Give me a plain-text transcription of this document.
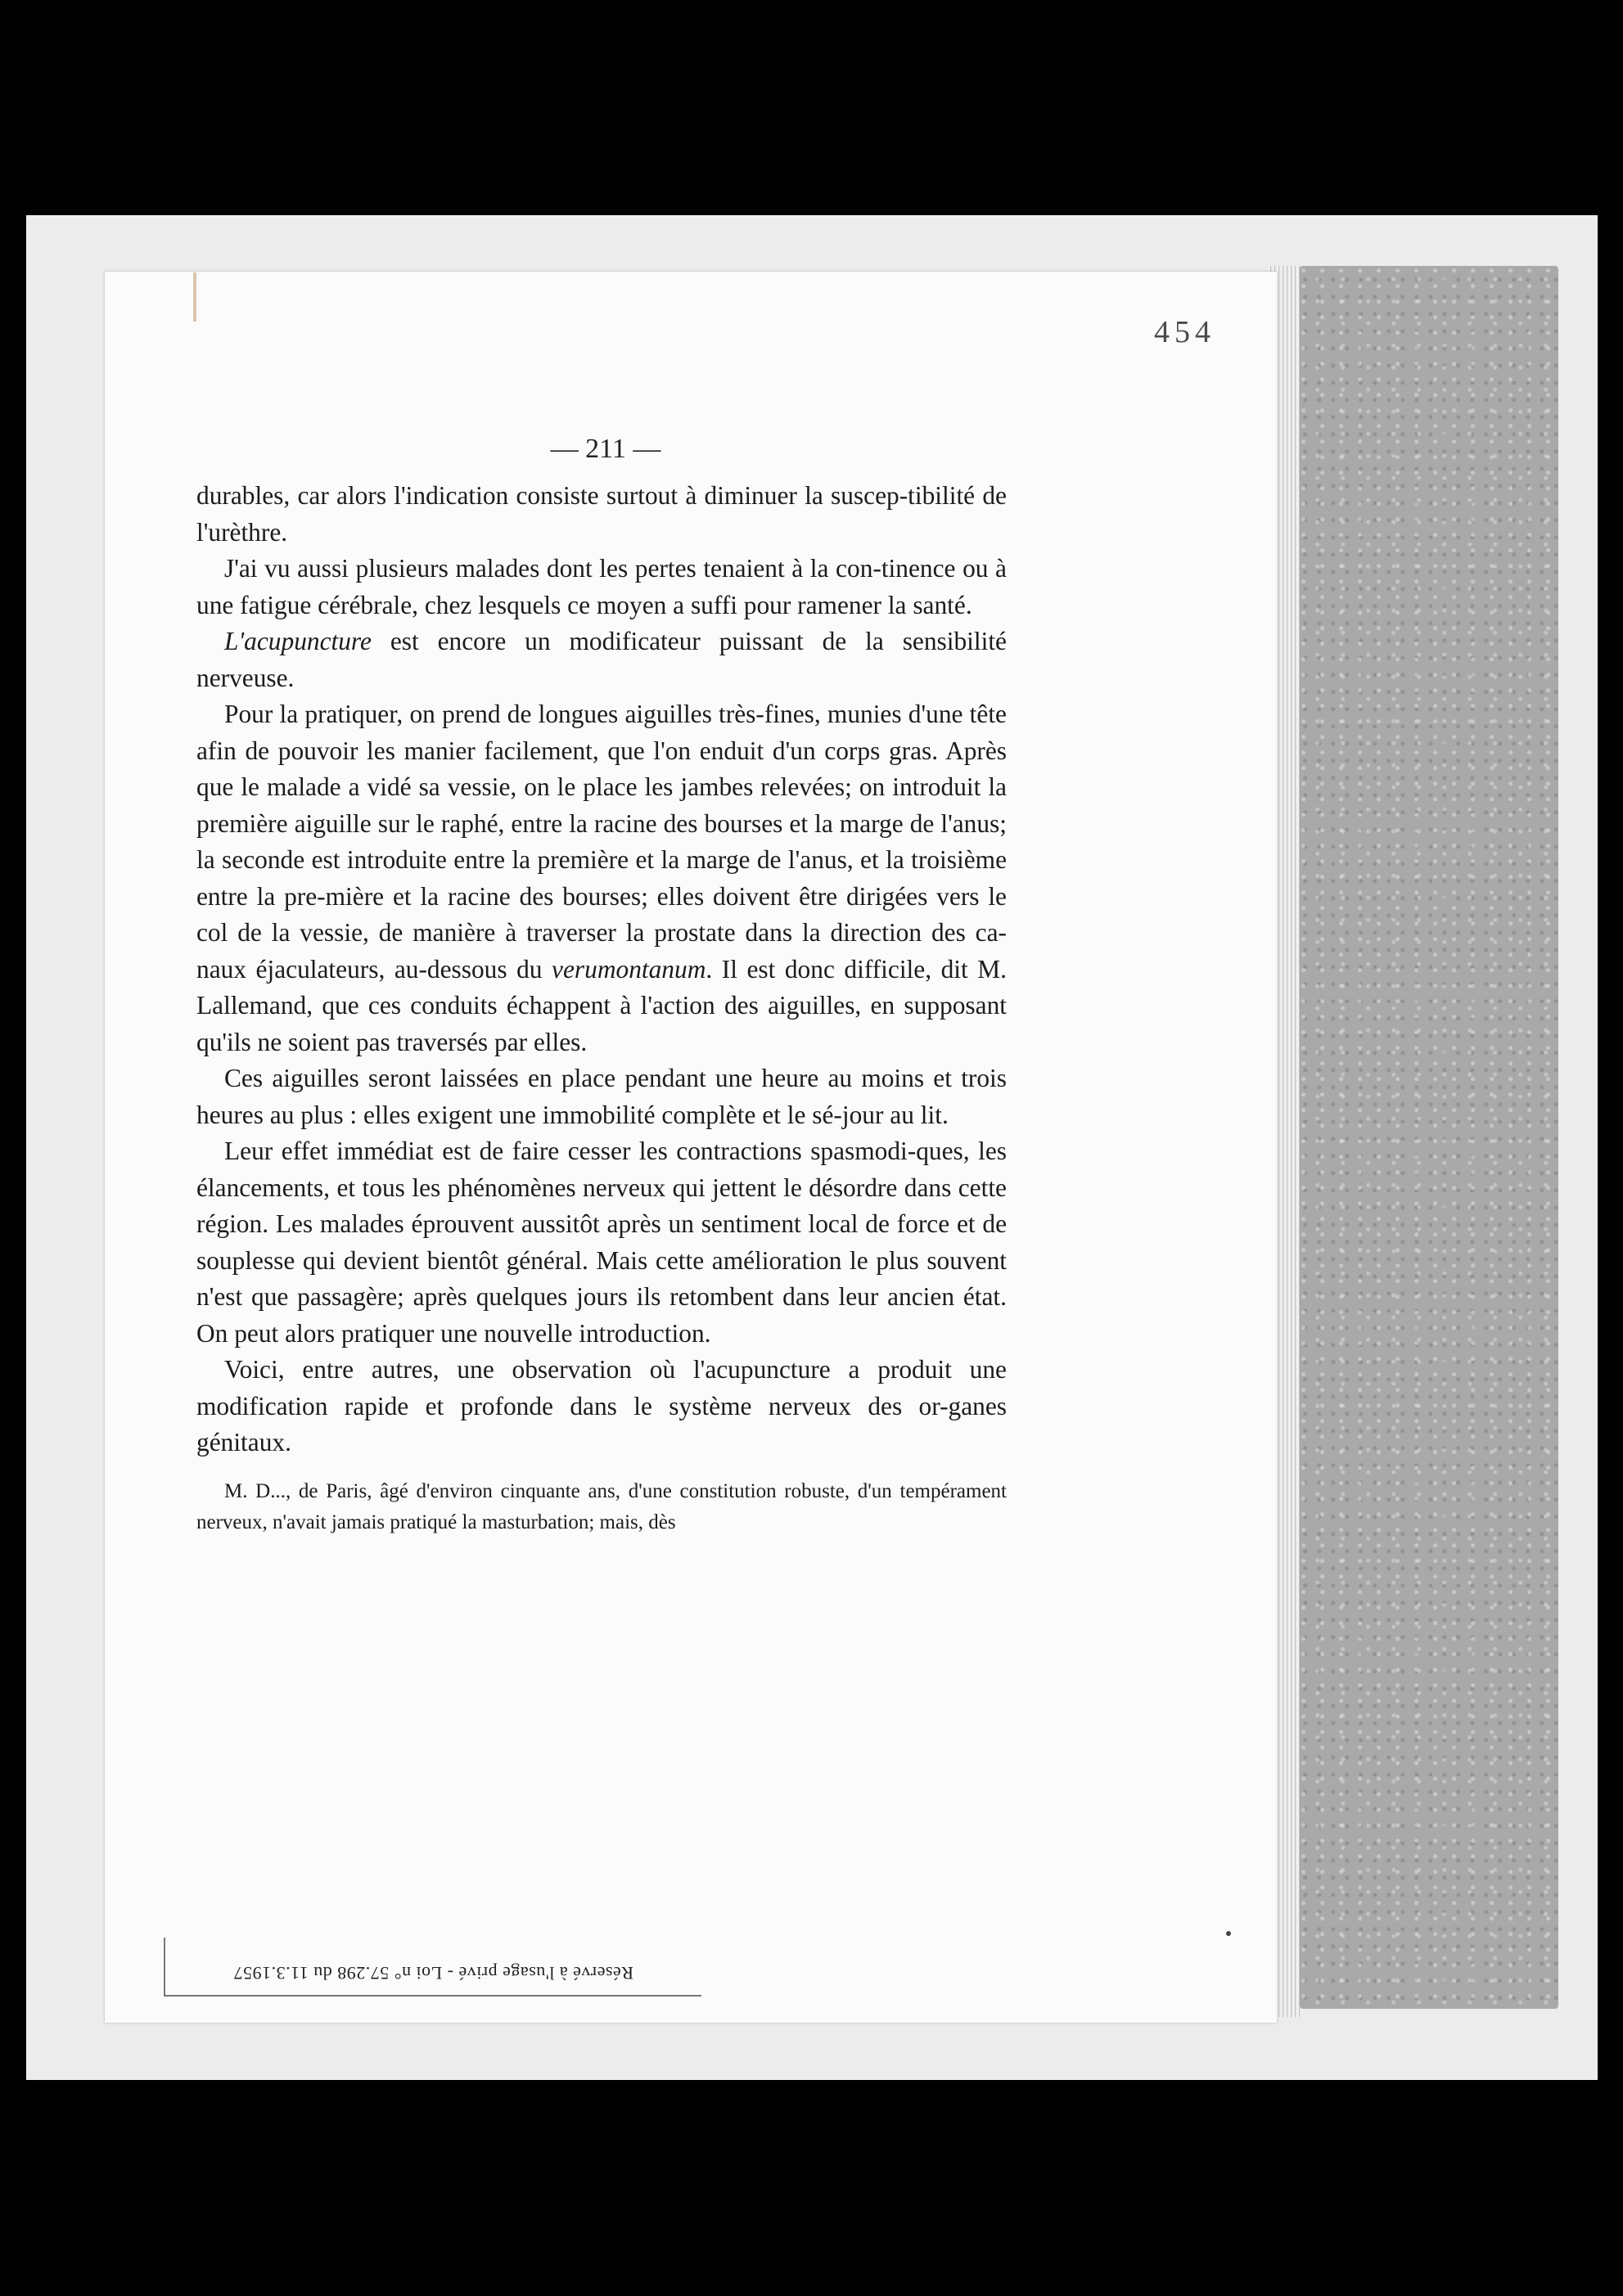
454
— 211 —

durables, car alors l'indication consiste surtout à diminuer la suscep-tibilité de l'urèthre.

J'ai vu aussi plusieurs malades dont les pertes tenaient à la con-tinence ou à une fatigue cérébrale, chez lesquels ce moyen a suffi pour ramener la santé.

L'acupuncture est encore un modificateur puissant de la sensibilité nerveuse.

Pour la pratiquer, on prend de longues aiguilles très-fines, munies d'une tête afin de pouvoir les manier facilement, que l'on enduit d'un corps gras. Après que le malade a vidé sa vessie, on le place les jambes relevées; on introduit la première aiguille sur le raphé, entre la racine des bourses et la marge de l'anus; la seconde est introduite entre la première et la marge de l'anus, et la troisième entre la pre-mière et la racine des bourses; elles doivent être dirigées vers le col de la vessie, de manière à traverser la prostate dans la direction des ca-naux éjaculateurs, au-dessous du verumontanum. Il est donc difficile, dit M. Lallemand, que ces conduits échappent à l'action des aiguilles, en supposant qu'ils ne soient pas traversés par elles.

Ces aiguilles seront laissées en place pendant une heure au moins et trois heures au plus : elles exigent une immobilité complète et le sé-jour au lit.

Leur effet immédiat est de faire cesser les contractions spasmodi-ques, les élancements, et tous les phénomènes nerveux qui jettent le désordre dans cette région. Les malades éprouvent aussitôt après un sentiment local de force et de souplesse qui devient bientôt général. Mais cette amélioration le plus souvent n'est que passagère; après quelques jours ils retombent dans leur ancien état. On peut alors pratiquer une nouvelle introduction.

Voici, entre autres, une observation où l'acupuncture a produit une modification rapide et profonde dans le système nerveux des or-ganes génitaux.

M. D..., de Paris, âgé d'environ cinquante ans, d'une constitution robuste, d'un tempérament nerveux, n'avait jamais pratiqué la masturbation; mais, dès

Réservé à l'usage privé - Loi n° 57.298 du 11.3.1957
